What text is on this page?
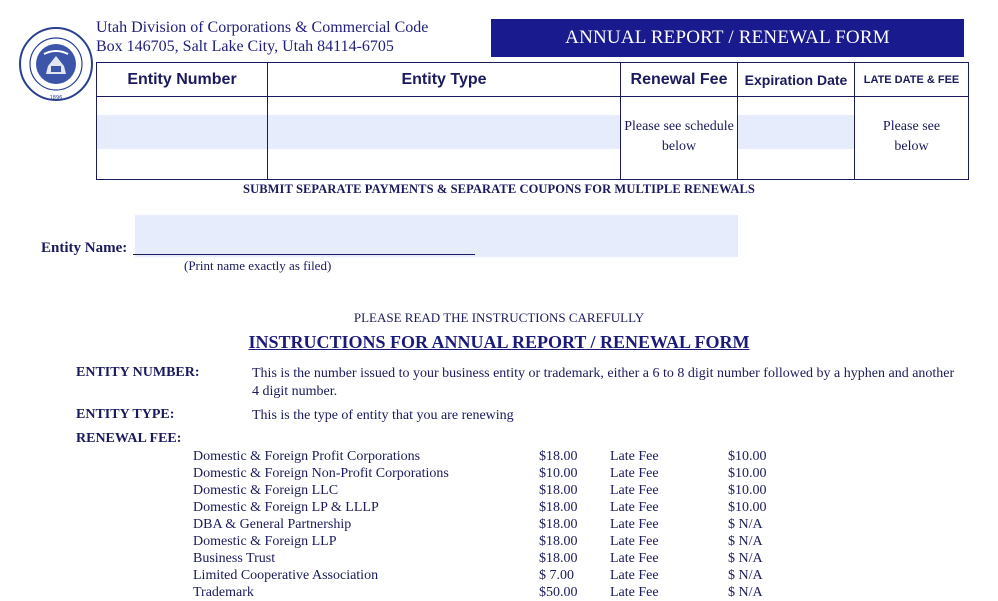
1896
Utah Division of Corporations & Commercial Code
Box 146705, Salt Lake City, Utah 84114-6705	ANNUAL REPORT / RENEWAL FORM
Entity Number	Entity Type	Renewal Fee	Expiration Date	LATE DATE & FEE

		Please see schedule below		Please see below
SUBMIT SEPARATE PAYMENTS & SEPARATE COUPONS FOR MULTIPLE RENEWALS
Entity Name:
(Print name exactly as filed)
PLEASE READ THE INSTRUCTIONS CAREFULLY
INSTRUCTIONS FOR ANNUAL REPORT / RENEWAL FORM
ENTITY NUMBER:	This is the number issued to your business entity or trademark, either a 6 to 8 digit number followed by a hyphen and another 4 digit number.
ENTITY TYPE:	This is the type of entity that you are renewing
RENEWAL FEE:
Domestic & Foreign Profit Corporations	$18.00	Late Fee	$10.00
Domestic & Foreign Non-Profit Corporations	$10.00	Late Fee	$10.00
Domestic & Foreign LLC	$18.00	Late Fee	$10.00
Domestic & Foreign LP & LLLP	$18.00	Late Fee	$10.00
DBA & General Partnership	$18.00	Late Fee	$ N/A
Domestic & Foreign LLP	$18.00	Late Fee	$ N/A
Business Trust	$18.00	Late Fee	$ N/A
Limited Cooperative Association	$ 7.00	Late Fee	$ N/A
Trademark	$50.00	Late Fee	$ N/A
